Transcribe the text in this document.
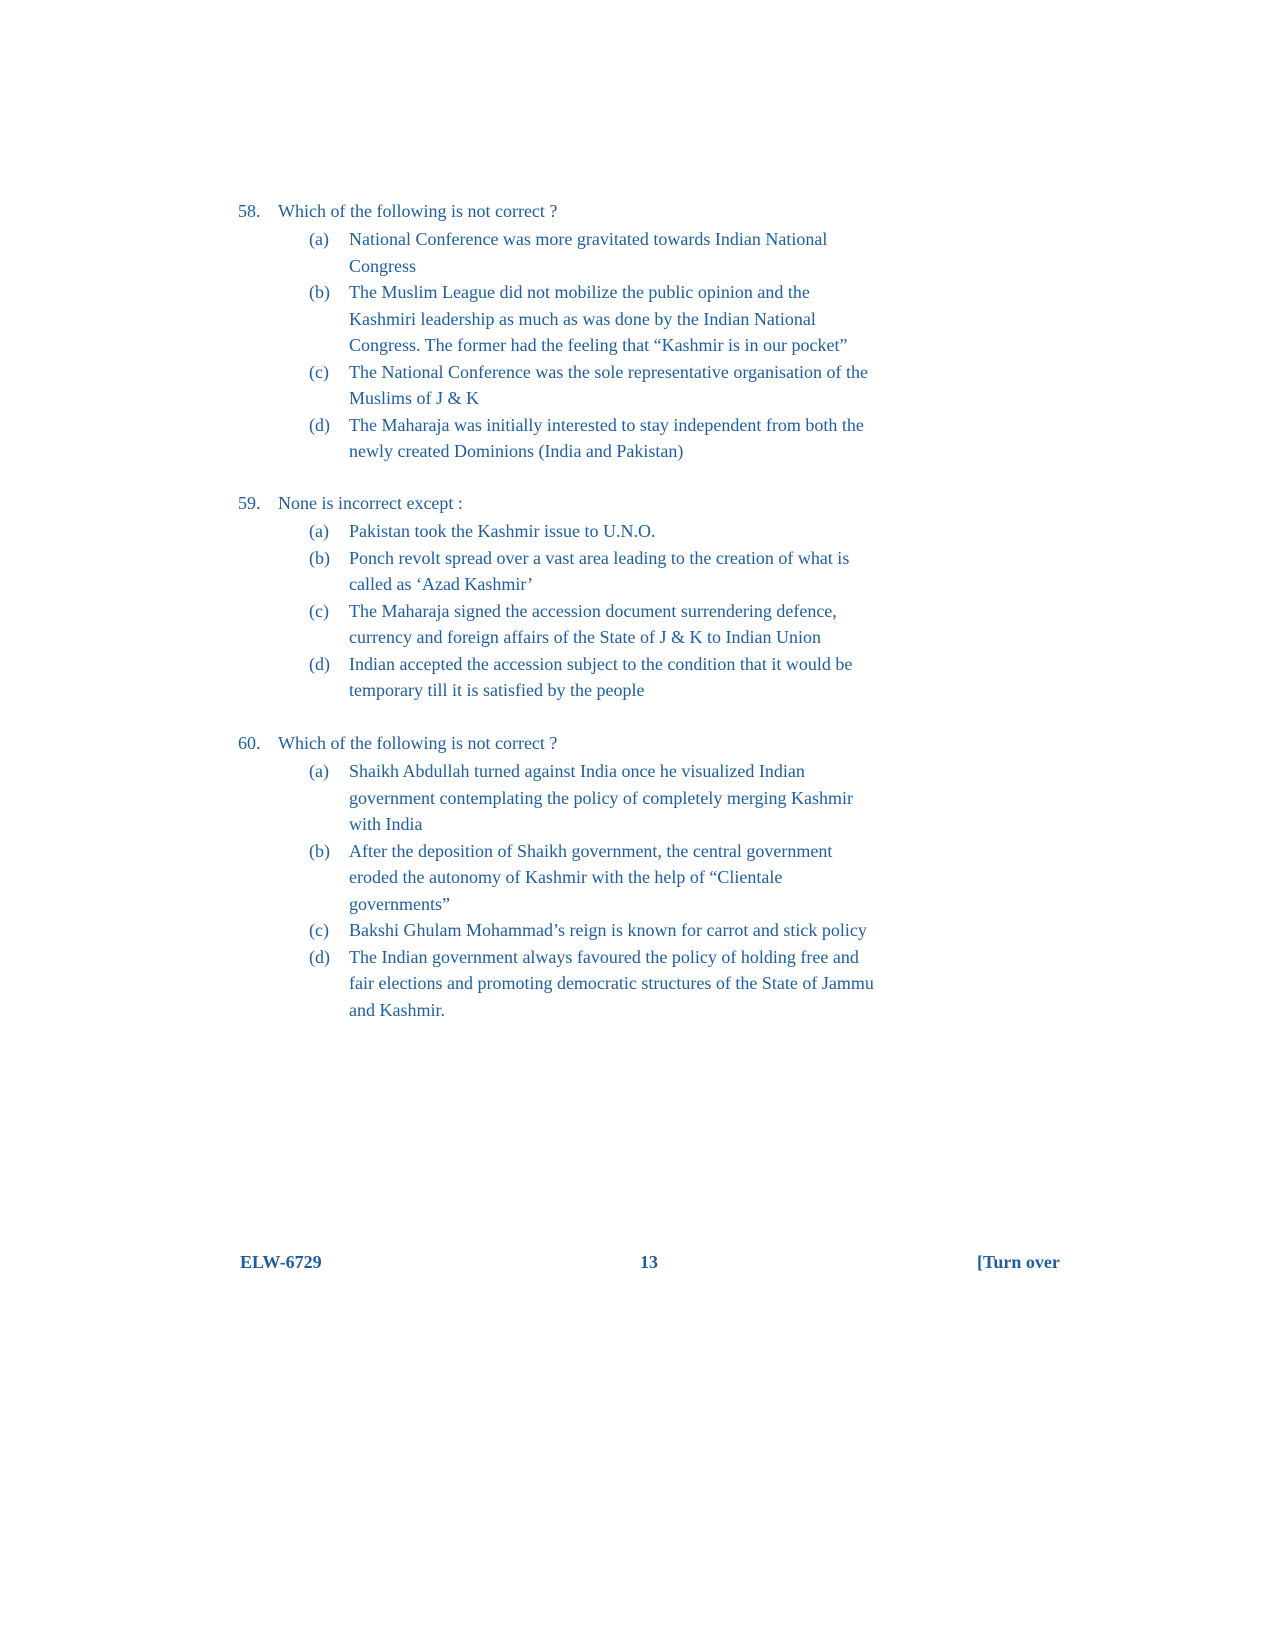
58. Which of the following is not correct ?
(a)	National Conference was more gravitated towards Indian National Congress
(b)	The Muslim League did not mobilize the public opinion and the Kashmiri leadership as much as was done by the Indian National Congress. The former had the feeling that “Kashmir is in our pocket”
(c)	The National Conference was the sole representative organisation of the Muslims of J & K
(d)	The Maharaja was initially interested to stay independent from both the newly created Dominions (India and Pakistan)
59. None is incorrect except :
(a)	Pakistan took the Kashmir issue to U.N.O.
(b)	Ponch revolt spread over a vast area leading to the creation of what is called as ‘Azad Kashmir’
(c)	The Maharaja signed the accession document surrendering defence, currency and foreign affairs of the State of J & K to Indian Union
(d)	Indian accepted the accession subject to the condition that it would be temporary till it is satisfied by the people
60. Which of the following is not correct ?
(a)	Shaikh Abdullah turned against India once he visualized Indian government contemplating the policy of completely merging Kashmir with India
(b)	After the deposition of Shaikh government, the central government eroded the autonomy of Kashmir with the help of “Clientale governments”
(c)	Bakshi Ghulam Mohammad’s reign is known for carrot and stick policy
(d)	The Indian government always favoured the policy of holding free and fair elections and promoting democratic structures of the State of Jammu and Kashmir.
ELW-6729	13	[Turn over
